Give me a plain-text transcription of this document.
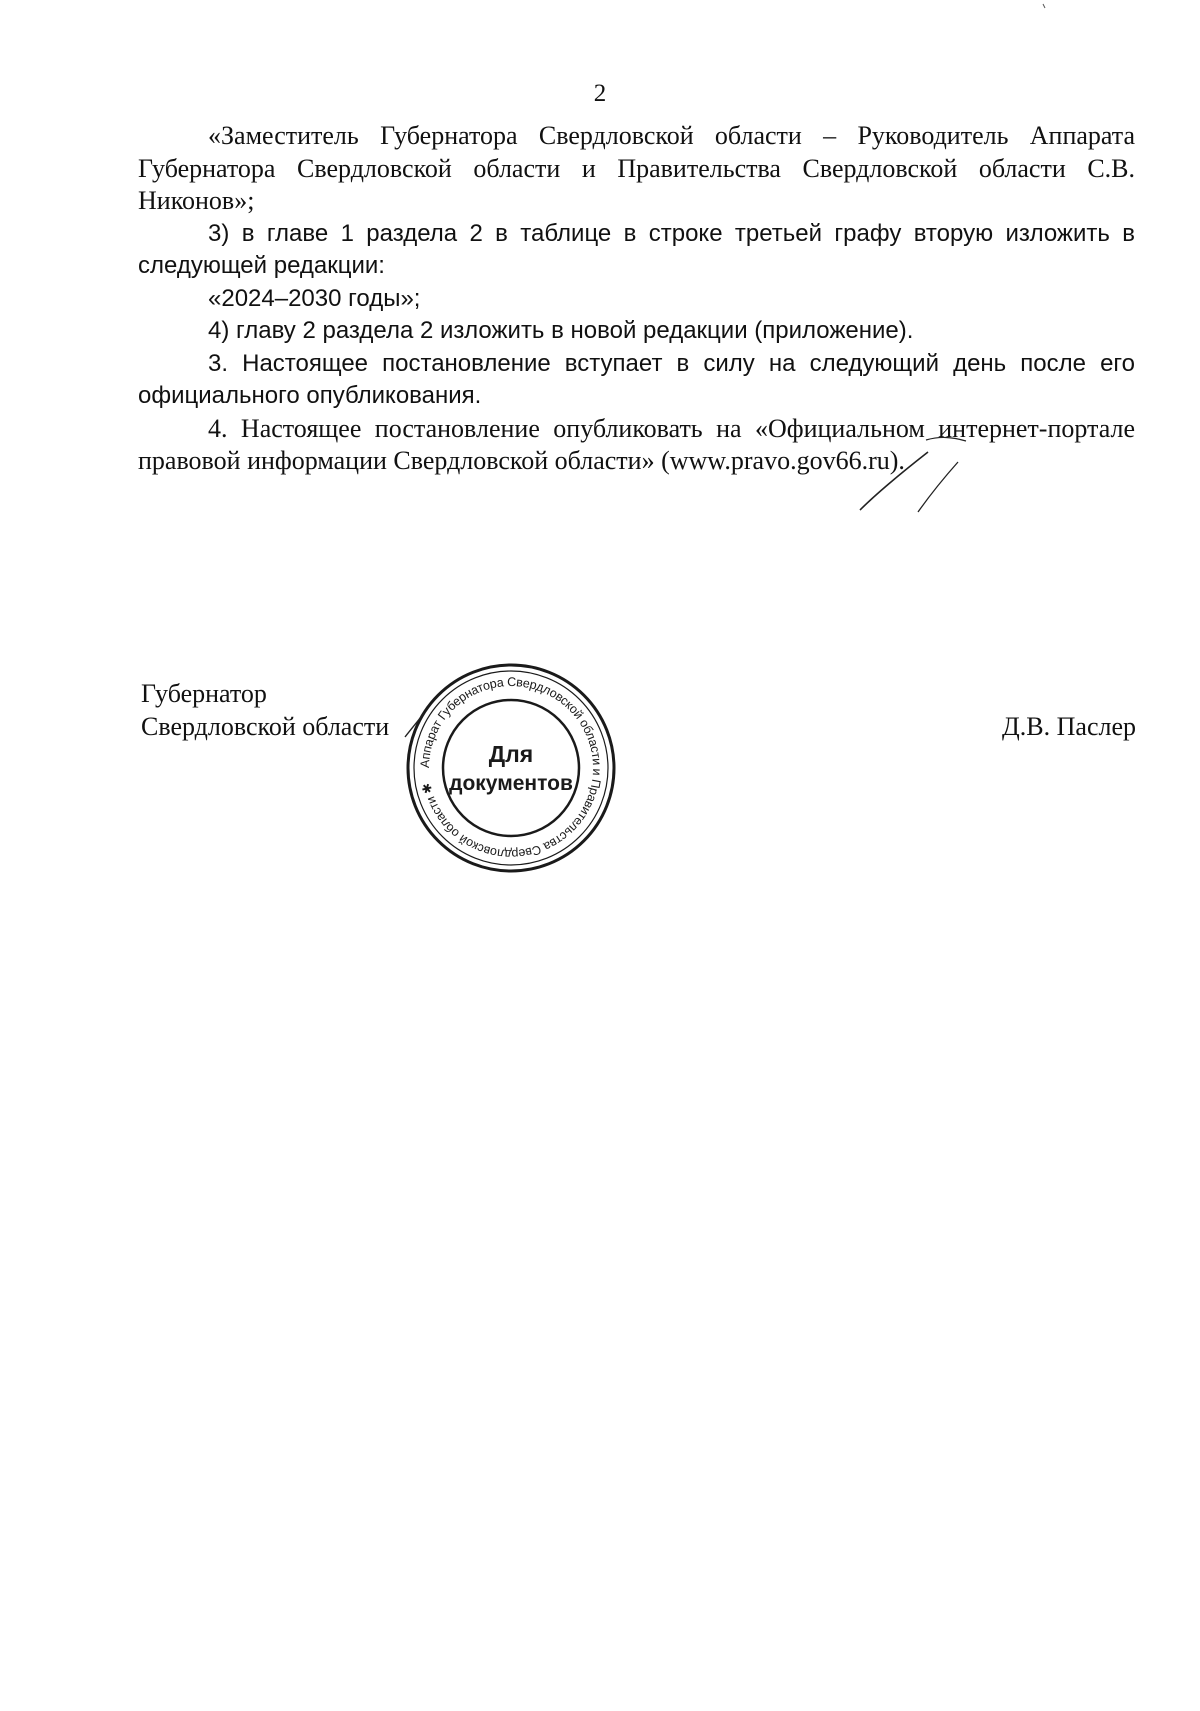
2

«Заместитель Губернатора Свердловской области – Руководитель Аппарата Губернатора Свердловской области и Правительства Свердловской области С.В. Никонов»;

3) в главе 1 раздела 2 в таблице в строке третьей графу вторую изложить в следующей редакции:

«2024–2030 годы»;

4) главу 2 раздела 2 изложить в новой редакции (приложение).

3. Настоящее постановление вступает в силу на следующий день после его официального опубликования.

4. Настоящее постановление опубликовать на «Официальном интернет-портале правовой информации Свердловской области» (www.pravo.gov66.ru).

Губернатор
Свердловской области	Д.В. Паслер
Аппарат Губернатора Свердловской области и Правительства Свердловской области ✱
Для
документов
